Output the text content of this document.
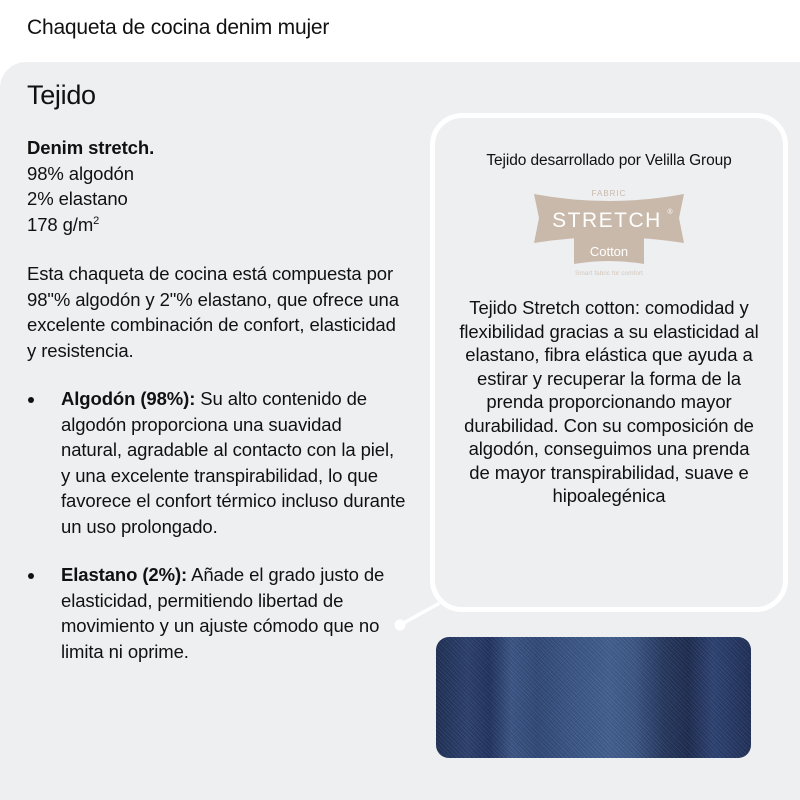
Chaqueta de cocina denim mujer
Tejido
Denim stretch.
98% algodón
2% elastano
178 $g/m^2$

Esta chaqueta de cocina está compuesta por 98"% algodón y 2"% elastano, que ofrece una excelente combinación de confort, elasticidad y resistencia.

Algodón (98%): Su alto contenido de algodón proporciona una suavidad natural, agradable al contacto con la piel, y una excelente transpirabilidad, lo que favorece el confort térmico incluso durante un uso prolongado.
Elastano (2%): Añade el grado justo de elasticidad, permitiendo libertad de movimiento y un ajuste cómodo que no limita ni oprime.
Tejido desarrollado por Velilla Group
FABRIC
STRETCH ®
Cotton
Smart fabric for comfort

Tejido Stretch cotton: comodidad y flexibilidad gracias a su elasticidad al elastano, fibra elástica que ayuda a estirar y recuperar la forma de la prenda proporcionando mayor durabilidad. Con su composición de algodón, conseguimos una prenda de mayor transpirabilidad, suave e hipoalegénica
